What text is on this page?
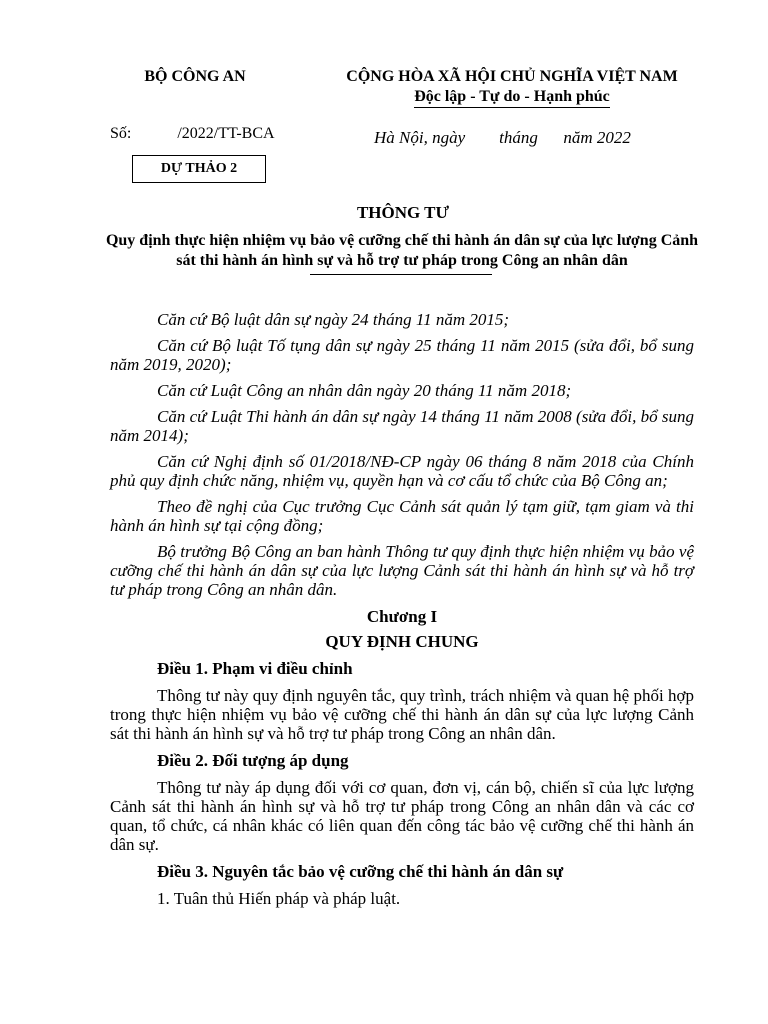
BỘ CÔNG AN	CỘNG HÒA XÃ HỘI CHỦ NGHĨA VIỆT NAM
Độc lập - Tự do - Hạnh phúc
Số:	/2022/TT-BCA	Hà Nội, ngày        tháng      năm 2022
DỰ THẢO 2
THÔNG TƯ
Quy định thực hiện nhiệm vụ bảo vệ cưỡng chế thi hành án dân sự của lực lượng Cảnh sát thi hành án hình sự và hỗ trợ tư pháp trong Công an nhân dân

Căn cứ Bộ luật dân sự ngày 24 tháng 11 năm 2015;

Căn cứ Bộ luật Tố tụng dân sự ngày 25 tháng 11 năm 2015 (sửa đổi, bổ sung năm 2019, 2020);

Căn cứ Luật Công an nhân dân ngày 20 tháng 11 năm 2018;

Căn cứ Luật Thi hành án dân sự ngày 14 tháng 11 năm 2008 (sửa đổi, bổ sung năm 2014);

Căn cứ Nghị định số 01/2018/NĐ-CP ngày 06 tháng 8 năm 2018 của Chính phủ quy định chức năng, nhiệm vụ, quyền hạn và cơ cấu tổ chức của Bộ Công an;

Theo đề nghị của Cục trưởng Cục Cảnh sát quản lý tạm giữ, tạm giam và thi hành án hình sự tại cộng đồng;

Bộ trưởng Bộ Công an ban hành Thông tư quy định thực hiện nhiệm vụ bảo vệ cưỡng chế thi hành án dân sự của lực lượng Cảnh sát thi hành án hình sự và hỗ trợ tư pháp trong Công an nhân dân.

Chương I

QUY ĐỊNH CHUNG

Điều 1. Phạm vi điều chỉnh

Thông tư này quy định nguyên tắc, quy trình, trách nhiệm và quan hệ phối hợp trong thực hiện nhiệm vụ bảo vệ cưỡng chế thi hành án dân sự của lực lượng Cảnh sát thi hành án hình sự và hỗ trợ tư pháp trong Công an nhân dân.

Điều 2. Đối tượng áp dụng

Thông tư này áp dụng đối với cơ quan, đơn vị, cán bộ, chiến sĩ của lực lượng Cảnh sát thi hành án hình sự và hỗ trợ tư pháp trong Công an nhân dân và các cơ quan, tổ chức, cá nhân khác có liên quan đến công tác bảo vệ cưỡng chế thi hành án dân sự.

Điều 3. Nguyên tắc bảo vệ cưỡng chế thi hành án dân sự

1. Tuân thủ Hiến pháp và pháp luật.
